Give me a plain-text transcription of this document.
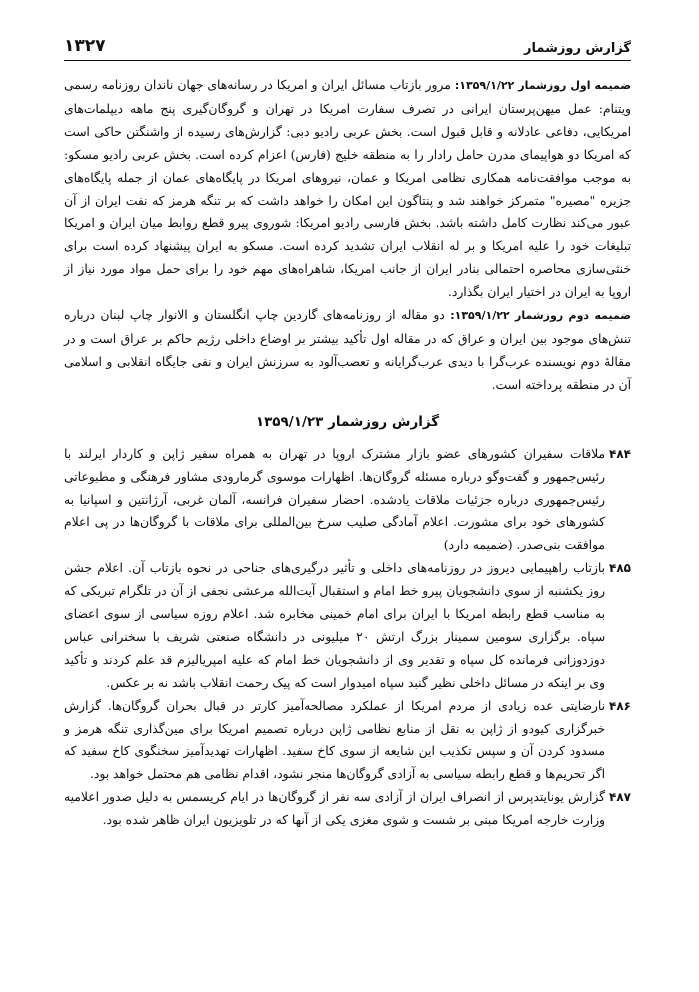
گزارش روزشمار
۱۳۲۷

ضمیمه اول روزشمار ۱۳۵۹/۱/۲۲: مرور بازتاب مسائل ایران و امریکا در رسانه‌های جهان ناندان روزنامه رسمی ویتنام: عمل میهن‌پرستان ایرانی در تصرف سفارت امریکا در تهران و گروگان‌گیری پنج ماهه دیپلمات‌های امریکایی، دفاعی عادلانه و قابل قبول است. بخش عربی رادیو دبی: گزارش‌های رسیده از واشنگتن حاکی است که امریکا دو هواپیمای مدرن حامل رادار را به منطقه خلیج (فارس) اعزام کرده است. بخش عربی رادیو مسکو: به موجب موافقت‌نامه همکاری نظامی امریکا و عمان، نیروهای امریکا در پایگاه‌های عمان از جمله پایگاه‌های جزیره "مصیره" متمرکز خواهند شد و پنتاگون این امکان را خواهد داشت که بر تنگه هرمز که نفت ایران از آن عبور می‌کند نظارت کامل داشته باشد. بخش فارسی رادیو امریکا: شوروی پیرو قطع روابط میان ایران و امریکا تبلیغات خود را علیه امریکا و بر له انقلاب ایران تشدید کرده است. مسکو به ایران پیشنهاد کرده است برای خنثی‌سازی محاصره احتمالی بنادر ایران از جانب امریکا، شاهراه‌های مهم خود را برای حمل مواد مورد نیاز از اروپا به ایران در اختیار ایران بگذارد.

ضمیمه دوم روزشمار ۱۳۵۹/۱/۲۲: دو مقاله از روزنامه‌های گاردین چاپ انگلستان و الانوار چاپ لبنان درباره تنش‌های موجود بین ایران و عراق که در مقاله اول تأکید بیشتر بر اوضاع داخلی رژیم حاکم بر عراق است و در مقالهٔ دوم نویسنده عرب‌گرا با دیدی عرب‌گرایانه و تعصب‌آلود به سرزنش ایران و نفی جایگاه انقلابی و اسلامی آن در منطقه پرداخته است.

گزارش روزشمار ۱۳۵۹/۱/۲۳

۴۸۴
ملاقات سفیران کشورهای عضو بازار مشترک اروپا در تهران به همراه سفیر ژاپن و کاردار ایرلند با رئیس‌جمهور و گفت‌وگو درباره مسئله گروگان‌ها. اظهارات موسوی گرمارودی مشاور فرهنگی و مطبوعاتی رئیس‌جمهوری درباره جزئیات ملاقات یادشده. احضار سفیران فرانسه، آلمان غربی، آرژانتین و اسپانیا به کشورهای خود برای مشورت. اعلام آمادگی صلیب سرخ بین‌المللی برای ملاقات با گروگان‌ها در پی اعلام موافقت بنی‌صدر. (ضمیمه دارد)

۴۸۵
بازتاب راهپیمایی دیروز در روزنامه‌های داخلی و تأثیر درگیری‌های جناحی در نحوه بازتاب آن. اعلام جشن روز یکشنبه از سوی دانشجویان پیرو خط امام و استقبال آیت‌الله مرعشی نجفی از آن در تلگرام تبریکی که به مناسب قطع رابطه امریکا با ایران برای امام خمینی مخابره شد. اعلام روزه سیاسی از سوی اعضای سپاه. برگزاری سومین سمینار بزرگ ارتش ۲۰ میلیونی در دانشگاه صنعتی شریف با سخنرانی عباس دوزدوزانی فرمانده کل سپاه و تقدیر وی از دانشجویان خط امام که علیه امپریالیزم قد علم کردند و تأکید وی بر اینکه در مسائل داخلی نظیر گنبد سپاه امیدوار است که پیک رحمت انقلاب باشد نه بر عکس.

۴۸۶
نارضایتی عده زیادی از مردم امریکا از عملکرد مصالحه‌آمیز کارتر در قبال بحران گروگان‌ها. گزارش خبرگزاری کیودو از ژاپن به نقل از منابع نظامی ژاپن درباره تصمیم امریکا برای مین‌گذاری تنگه هرمز و مسدود کردن آن و سپس تکذیب این شایعه از سوی کاخ سفید. اظهارات تهدیدآمیز سخنگوی کاخ سفید که اگر تحریم‌ها و قطع رابطه سیاسی به آزادی گروگان‌ها منجر نشود، اقدام نظامی هم محتمل خواهد بود.

۴۸۷
گزارش یونایتدپرس از انصراف ایران از آزادی سه نفر از گروگان‌ها در ایام کریسمس به دلیل صدور اعلامیه وزارت خارجه امریکا مبنی بر شست و شوی مغزی یکی از آنها که در تلویزیون ایران ظاهر شده بود.
